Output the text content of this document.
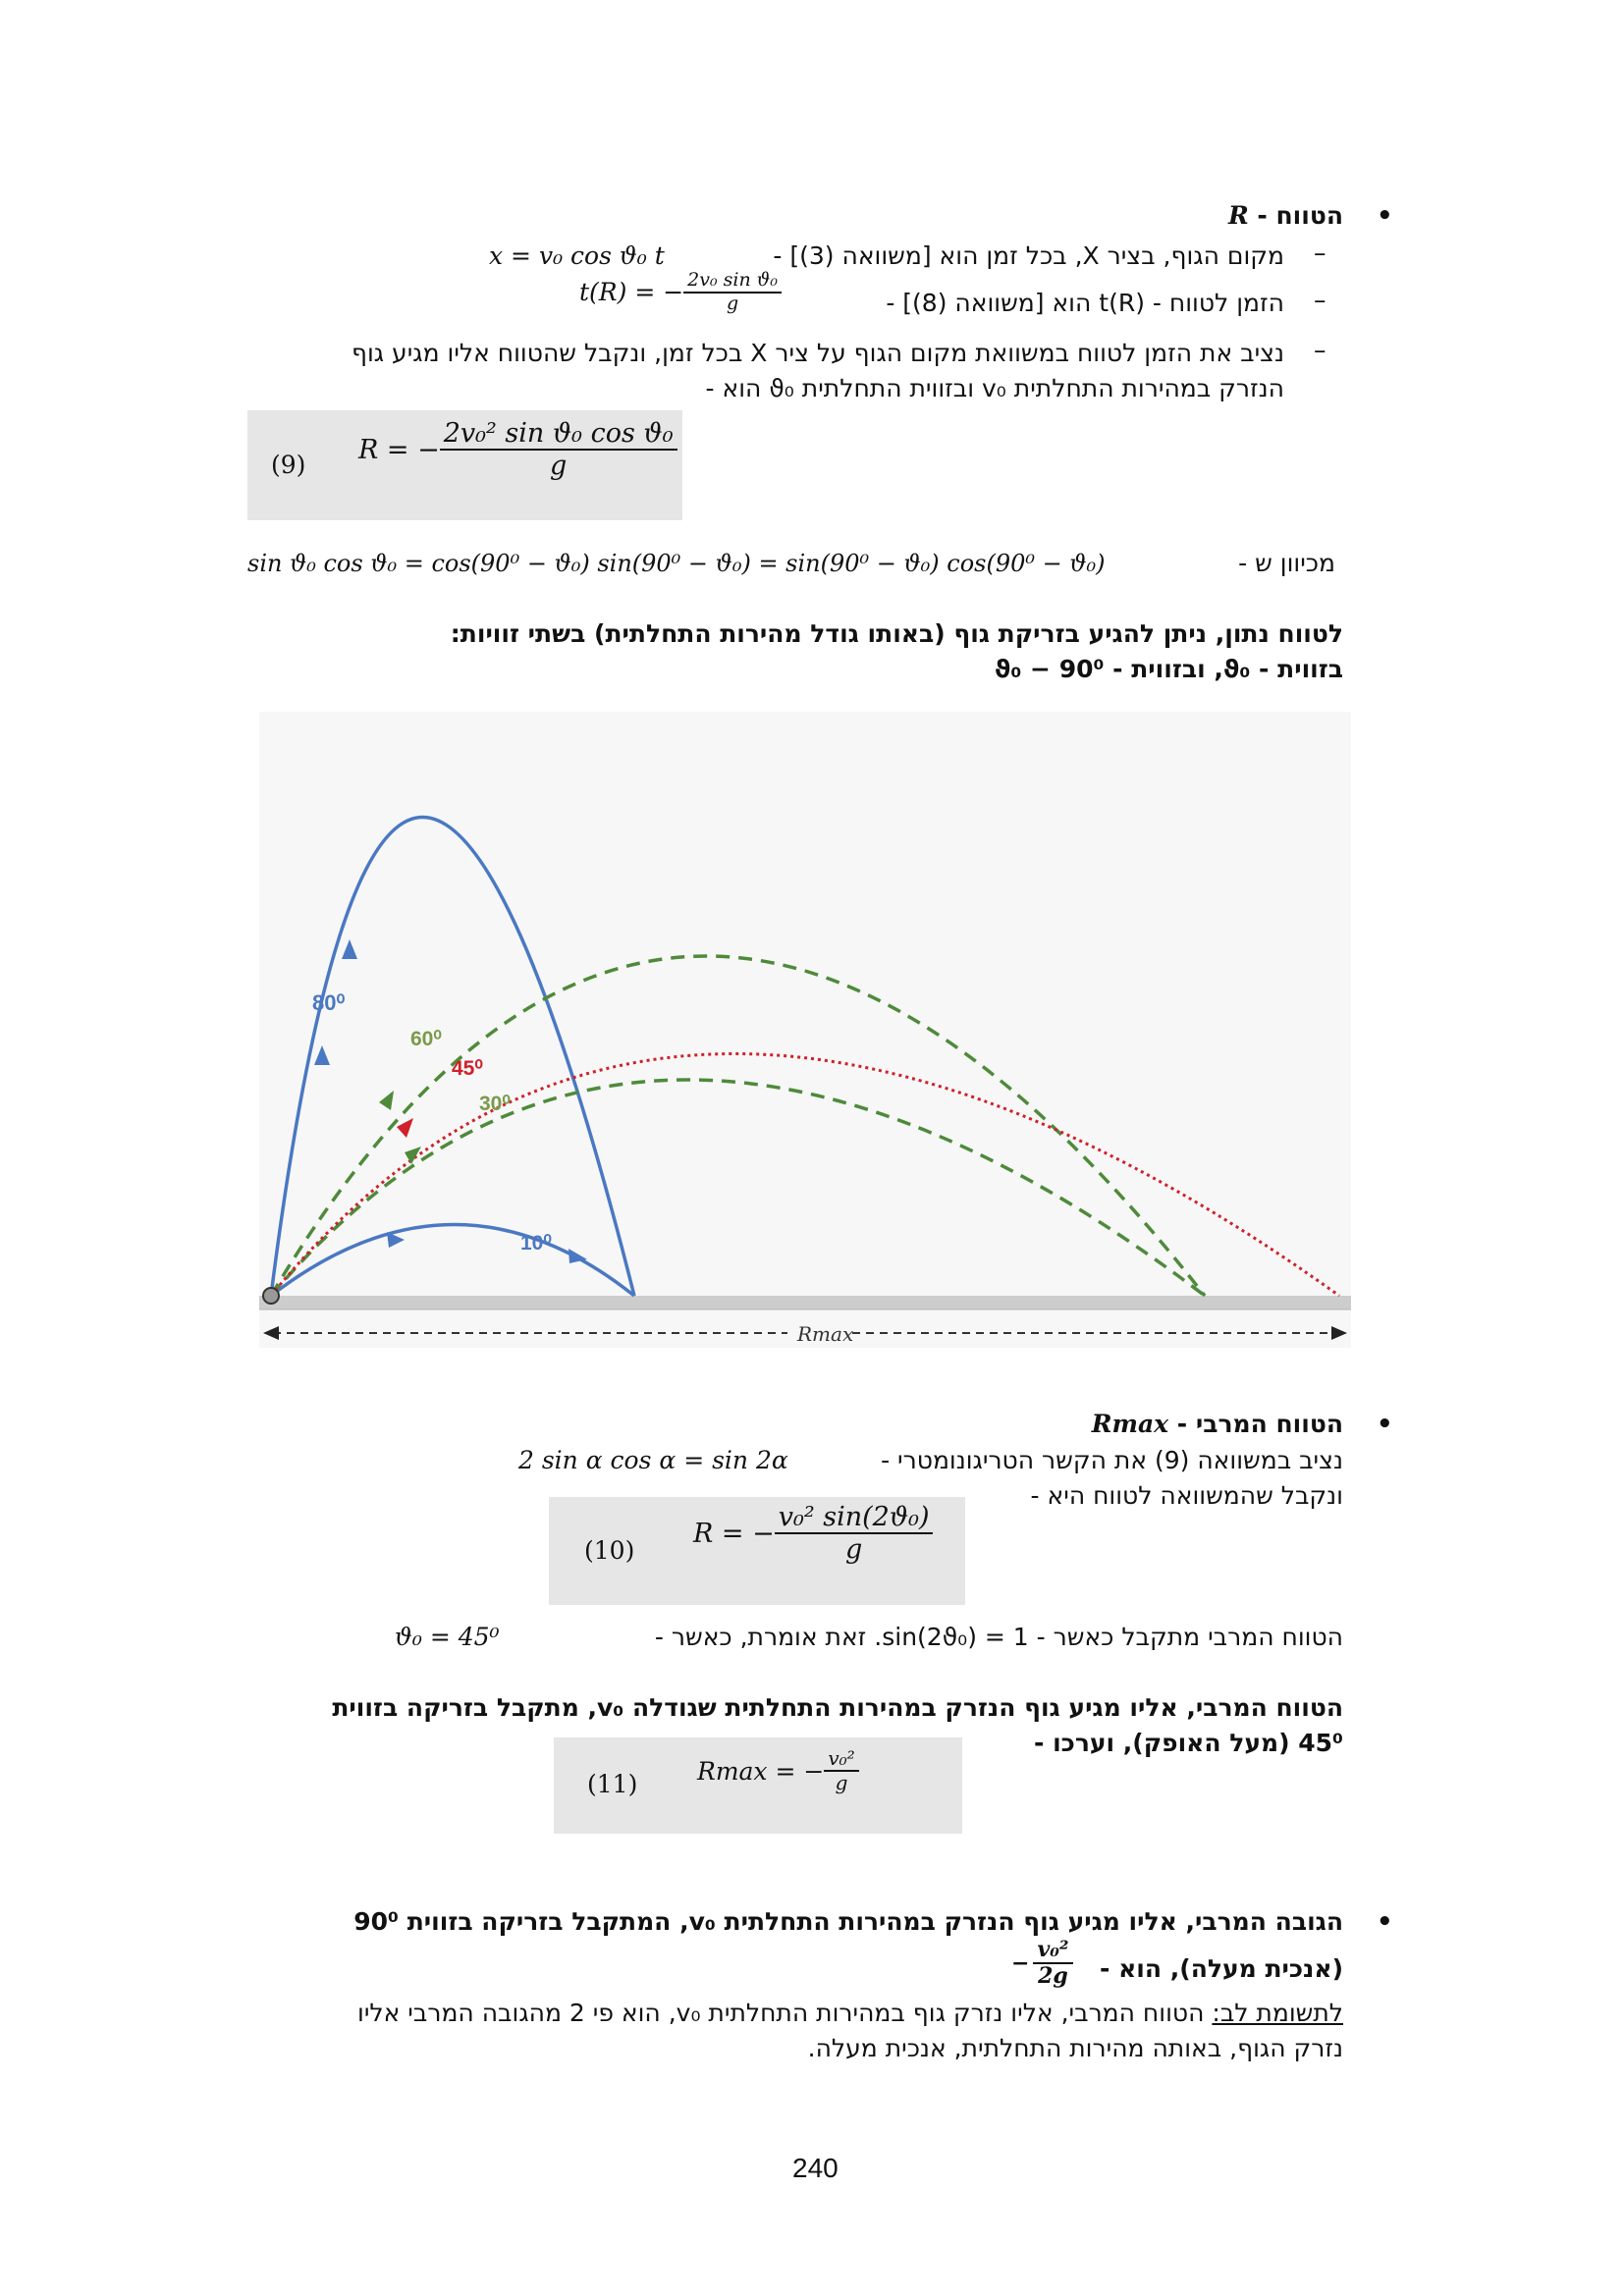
•
הטווח - R
–
מקום הגוף, בציר X, בכל זמן הוא [משוואה (3)] -
x = v₀ cos ϑ₀ t
–
הזמן לטווח - t(R) הוא [משוואה (8)] -
t(R) = − $\frac{\text{2v₀ sin ϑ₀}}{g}$
–
נציב את הזמן לטווח במשוואת מקום הגוף על ציר X בכל זמן, ונקבל שהטווח אליו מגיע גוף
הנזרק במהירות התחלתית v₀ ובזווית התחלתית ϑ₀ הוא -
(9) R = − $\frac{\text{2v₀² sin ϑ₀ cos ϑ₀}}{g}$
מכיוון ש -
sin ϑ₀ cos ϑ₀ = cos(90⁰ − ϑ₀) sin(90⁰ − ϑ₀) = sin(90⁰ − ϑ₀) cos(90⁰ − ϑ₀)
לטווח נתון, ניתן להגיע בזריקת גוף (באותו גודל מהירות התחלתית) בשתי זוויות:
בזווית - ϑ₀, ובזווית - 90⁰ − ϑ₀
80⁰
60⁰
45⁰
30⁰
10⁰
Rmax
•
הטווח המרבי - Rmax
נציב במשוואה (9) את הקשר הטריגונומטרי -
2 sin α cos α = sin 2α
ונקבל שהמשוואה לטווח היא -
(10)
R = − $\frac{\text{v₀² sin(2ϑ₀)}}{g}$
הטווח המרבי מתקבל כאשר - sin(2ϑ₀) = 1. זאת אומרת, כאשר -
ϑ₀ = 45⁰
הטווח המרבי, אליו מגיע גוף הנזרק במהירות התחלתית שגודלה v₀, מתקבל בזריקה בזווית
45⁰ (מעל האופק), וערכו -
(11) Rmax = − $\frac{\text{v₀²}}{g}$
•
הגובה המרבי, אליו מגיע גוף הנזרק במהירות התחלתית v₀, המתקבל בזריקה בזווית 90⁰
(אנכית מעלה), הוא -
− $\frac{\text{v₀²}}{2g}$
לתשומת לב: הטווח המרבי, אליו נזרק גוף במהירות התחלתית v₀, הוא פי 2 מהגובה המרבי אליו
נזרק הגוף, באותה מהירות התחלתית, אנכית מעלה.
240
